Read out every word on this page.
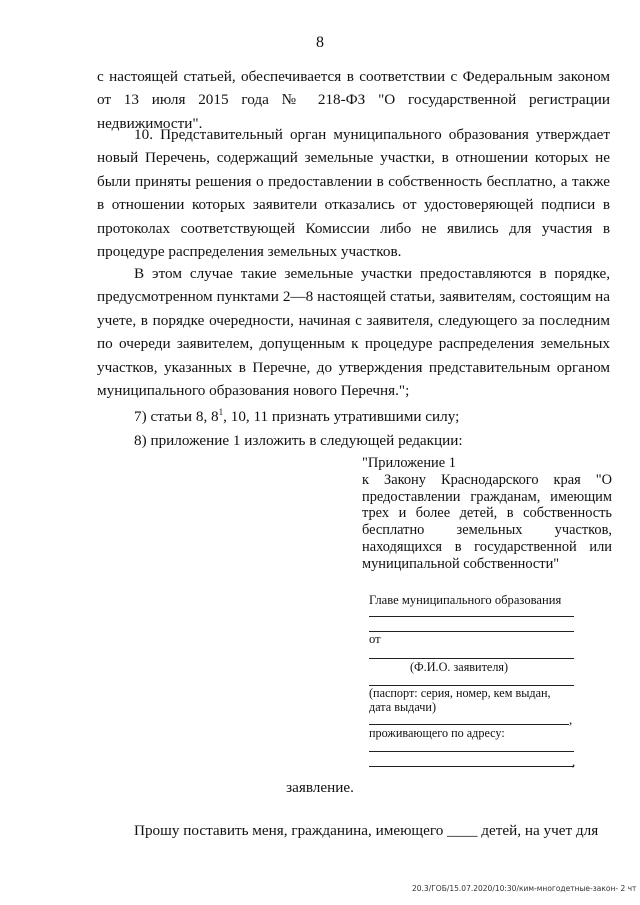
8

с настоящей статьей, обеспечивается в соответствии с Федеральным законом от 13 июля 2015 года № 218-ФЗ "О государственной регистрации недвижимости".

10. Представительный орган муниципального образования утверждает новый Перечень, содержащий земельные участки, в отношении которых не были приняты решения о предоставлении в собственность бесплатно, а также в отношении которых заявители отказались от удостоверяющей подписи в протоколах соответствующей Комиссии либо не явились для участия в процедуре распределения земельных участков.

В этом случае такие земельные участки предоставляются в порядке, предусмотренном пунктами 2—8 настоящей статьи, заявителям, состоящим на учете, в порядке очередности, начиная с заявителя, следующего за последним по очереди заявителем, допущенным к процедуре распределения земельных участков, указанных в Перечне, до утверждения представительным органом муниципального образования нового Перечня.";

7) статьи 8, $8^1$, 10, 11 признать утратившими силу;
8) приложение 1 изложить в следующей редакции:

"Приложение 1
к Закону Краснодарского края "О предоставлении гражданам, имеющим трех и более детей, в собственность бесплатно земельных участков, находящихся в государственной или муниципальной собственности"

Главе муниципального образования
от
(Ф.И.О. заявителя)
(паспорт: серия, номер, кем выдан, дата выдачи)
,
проживающего по адресу:
,
заявление.
Прошу поставить меня, гражданина, имеющего ____ детей, на учет для
20.3/ГОБ/15.07.2020/10:30/ким-многодетные-закон- 2 чт
